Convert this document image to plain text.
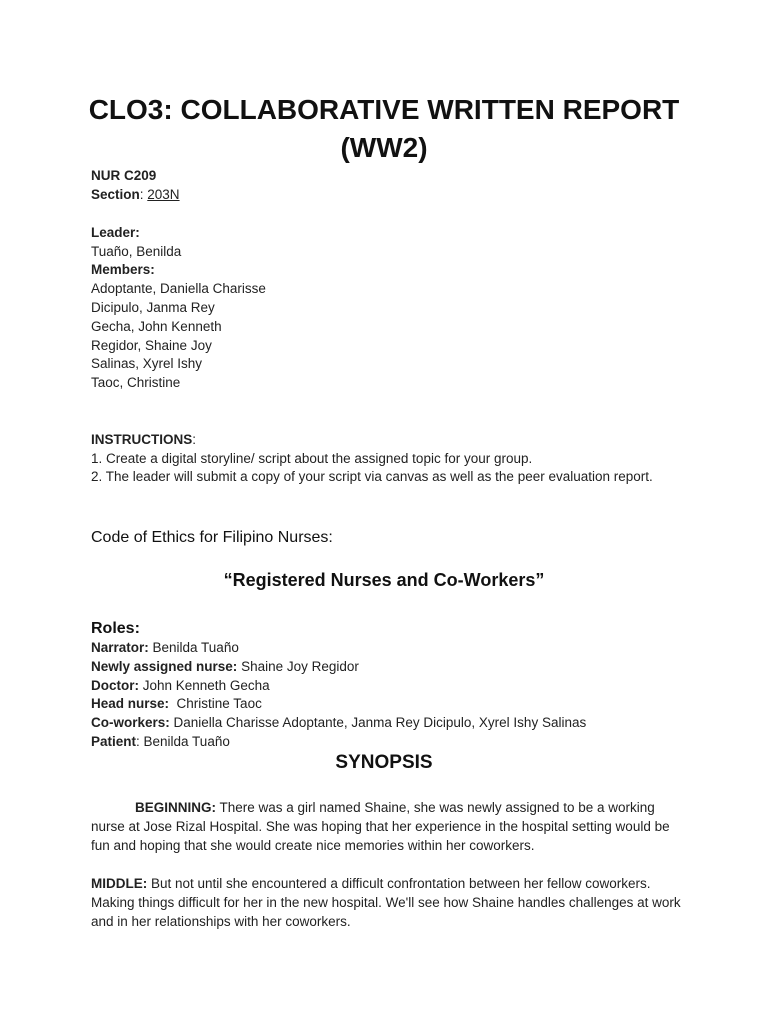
CLO3: COLLABORATIVE WRITTEN REPORT
(WW2)
NUR C209
Section: 203N
Leader:
Tuaño, Benilda
Members:
Adoptante, Daniella Charisse
Dicipulo, Janma Rey
Gecha, John Kenneth
Regidor, Shaine Joy
Salinas, Xyrel Ishy
Taoc, Christine
INSTRUCTIONS:
1. Create a digital storyline/ script about the assigned topic for your group.
2. The leader will submit a copy of your script via canvas as well as the peer evaluation report.
Code of Ethics for Filipino Nurses:
“Registered Nurses and Co-Workers”
Roles:
Narrator: Benilda Tuaño
Newly assigned nurse: Shaine Joy Regidor
Doctor: John Kenneth Gecha
Head nurse:  Christine Taoc
Co-workers: Daniella Charisse Adoptante, Janma Rey Dicipulo, Xyrel Ishy Salinas
Patient: Benilda Tuaño
SYNOPSIS
BEGINNING: There was a girl named Shaine, she was newly assigned to be a working nurse at Jose Rizal Hospital. She was hoping that her experience in the hospital setting would be fun and hoping that she would create nice memories within her coworkers.
MIDDLE: But not until she encountered a difficult confrontation between her fellow coworkers. Making things difficult for her in the new hospital. We'll see how Shaine handles challenges at work and in her relationships with her coworkers.
